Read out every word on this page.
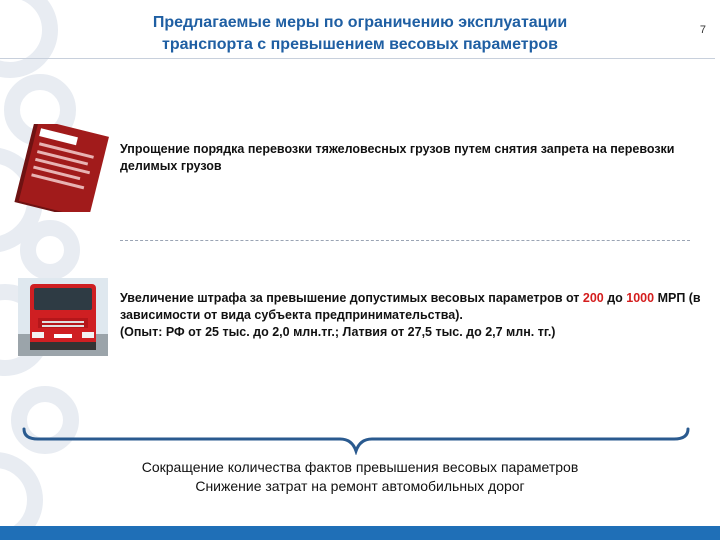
Предлагаемые меры по ограничению эксплуатации
транспорта с превышением весовых параметров
7
Упрощение порядка перевозки тяжеловесных грузов путем снятия запрета на перевозки делимых грузов
Увеличение штрафа за превышение допустимых весовых параметров от 200 до 1000 МРП (в зависимости от вида субъекта предпринимательства).
(Опыт: РФ от 25 тыс. до 2,0 млн.тг.; Латвия от 27,5 тыс. до 2,7 млн. тг.)
Сокращение количества фактов превышения весовых параметров
Снижение затрат на ремонт автомобильных дорог
